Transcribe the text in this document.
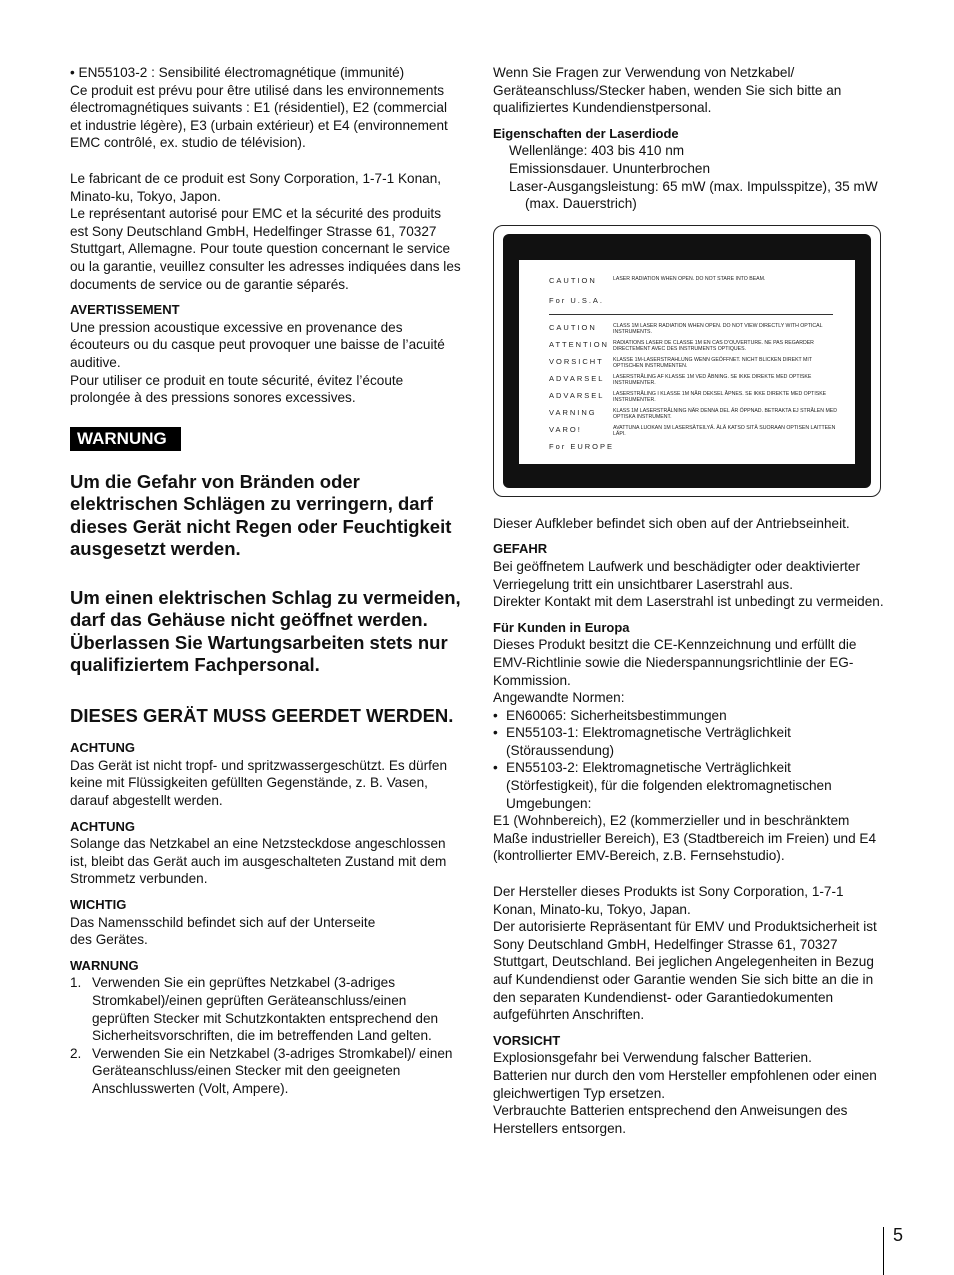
• EN55103-2 : Sensibilité électromagnétique (immunité)

Ce produit est prévu pour être utilisé dans les environnements électromagnétiques suivants : E1 (résidentiel), E2 (commercial et industrie légère), E3 (urbain extérieur) et E4 (environnement EMC contrôlé, ex. studio de télévision).

Le fabricant de ce produit est Sony Corporation, 1-7-1 Konan, Minato-ku, Tokyo, Japon.

Le représentant autorisé pour EMC et la sécurité des produits est Sony Deutschland GmbH, Hedelfinger Strasse 61, 70327 Stuttgart, Allemagne. Pour toute question concernant le service ou la garantie, veuillez consulter les adresses indiquées dans les documents de service ou de garantie séparés.

AVERTISSEMENT

Une pression acoustique excessive en provenance des écouteurs ou du casque peut provoquer une baisse de l’acuité auditive.

Pour utiliser ce produit en toute sécurité, évitez l’écoute prolongée à des pressions sonores excessives.

WARNUNG

Um die Gefahr von Bränden oder elektrischen Schlägen zu verringern, darf dieses Gerät nicht Regen oder Feuchtigkeit ausgesetzt werden.

Um einen elektrischen Schlag zu vermeiden, darf das Gehäuse nicht geöffnet werden. Überlassen Sie Wartungsarbeiten stets nur qualifiziertem Fachpersonal.

DIESES GERÄT MUSS GEERDET WERDEN.

ACHTUNG

Das Gerät ist nicht tropf- und spritzwassergeschützt. Es dürfen keine mit Flüssigkeiten gefüllten Gegenstände, z. B. Vasen, darauf abgestellt werden.

ACHTUNG

Solange das Netzkabel an eine Netzsteckdose angeschlossen ist, bleibt das Gerät auch im ausgeschalteten Zustand mit dem Strommetz verbunden.

WICHTIG

Das Namensschild befindet sich auf der Unterseite

des Gerätes.

WARNUNG

1. Verwenden Sie ein geprüftes Netzkabel (3-adriges Stromkabel)/einen geprüften Geräteanschluss/einen geprüften Stecker mit Schutzkontakten entsprechend den Sicherheitsvorschriften, die im betreffenden Land gelten.
2. Verwenden Sie ein Netzkabel (3-adriges Stromkabel)/ einen Geräteanschluss/einen Stecker mit den geeigneten Anschlusswerten (Volt, Ampere).

Wenn Sie Fragen zur Verwendung von Netzkabel/ Geräteanschluss/Stecker haben, wenden Sie sich bitte an qualifiziertes Kundendienstpersonal.

Eigenschaften der Laserdiode

Wellenlänge: 403 bis 410 nm

Emissionsdauer. Ununterbrochen

Laser-Ausgangsleistung: 65 mW (max. Impulsspitze), 35 mW (max. Dauerstrich)

CAUTION	LASER RADIATION WHEN OPEN. DO NOT STARE INTO BEAM.
For U.S.A.
CAUTION	CLASS 1M LASER RADIATION WHEN OPEN. DO NOT VIEW DIRECTLY WITH OPTICAL INSTRUMENTS.
ATTENTION RADIATIONS LASER DE CLASSE 1M EN CAS D’OUVERTURE. NE PAS REGARDER DIRECTEMENT AVEC DES INSTRUMENTS OPTIQUES.
VORSICHT	KLASSE 1M-LASERSTRAHLUNG WENN GEÖFFNET. NICHT BLICKEN DIREKT MIT OPTISCHEN INSTRUMENTEN.
ADVARSEL	LASERSTRÅLING AF KLASSE 1M VED ÅBNING. SE IKKE DIREKTE MED OPTISKE INSTRUMENTER.
ADVARSEL	LASERSTRÅLING I KLASSE 1M NÅR DEKSEL ÅPNES. SE IKKE DIREKTE MED OPTISKE INSTRUMENTER.
VARNING	KLASS 1M LASERSTRÅLNING NÄR DENNA DEL ÄR ÖPPNAD. BETRAKTA EJ STRÅLEN MED OPTISKA INSTRUMENT.
VARO!	AVATTUNA LUOKAN 1M LASERSÄTEILYÄ. ÄLÄ KATSO SITÄ SUORAAN OPTISEN LAITTEEN LÄPI.
For EUROPE

Dieser Aufkleber befindet sich oben auf der Antriebseinheit.

GEFAHR

Bei geöffnetem Laufwerk und beschädigter oder deaktivierter Verriegelung tritt ein unsichtbarer Laserstrahl aus.

Direkter Kontakt mit dem Laserstrahl ist unbedingt zu vermeiden.

Für Kunden in Europa

Dieses Produkt besitzt die CE-Kennzeichnung und erfüllt die EMV-Richtlinie sowie die Niederspannungsrichtlinie der EG-Kommission.

Angewandte Normen:

• EN60065: Sicherheitsbestimmungen

• EN55103-1: Elektromagnetische Verträglichkeit (Störaussendung)

• EN55103-2: Elektromagnetische Verträglichkeit (Störfestigkeit), für die folgenden elektromagnetischen Umgebungen:

E1 (Wohnbereich), E2 (kommerzieller und in beschränktem Maße industrieller Bereich), E3 (Stadtbereich im Freien) und E4 (kontrollierter EMV-Bereich, z.B. Fernsehstudio).

Der Hersteller dieses Produkts ist Sony Corporation, 1-7-1 Konan, Minato-ku, Tokyo, Japan.

Der autorisierte Repräsentant für EMV und Produktsicherheit ist Sony Deutschland GmbH, Hedelfinger Strasse 61, 70327 Stuttgart, Deutschland. Bei jeglichen Angelegenheiten in Bezug auf Kundendienst oder Garantie wenden Sie sich bitte an die in den separaten Kundendienst- oder Garantiedokumenten aufgeführten Anschriften.

VORSICHT

Explosionsgefahr bei Verwendung falscher Batterien.

Batterien nur durch den vom Hersteller empfohlenen oder einen gleichwertigen Typ ersetzen.

Verbrauchte Batterien entsprechend den Anweisungen des Herstellers entsorgen.

5
